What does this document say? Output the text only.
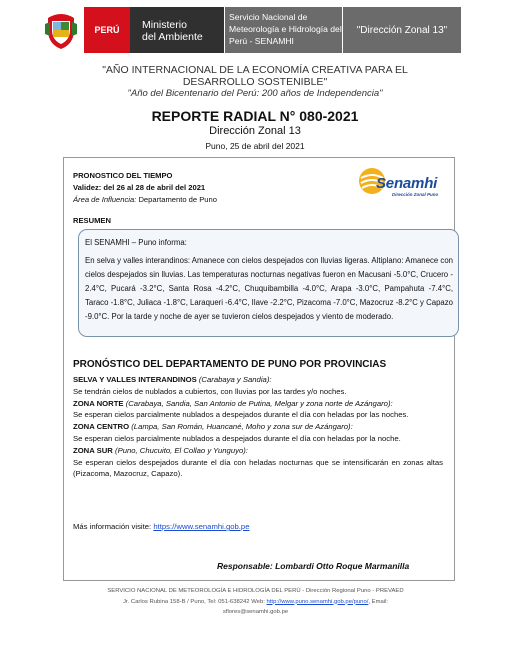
PERÚ	Ministerio
del Ambiente
Servicio Nacional de
Meteorología e Hidrología del
Perú - SENAMHI
"Dirección Zonal 13"
"AÑO INTERNACIONAL DE LA ECONOMÍA CREATIVA PARA EL
DESARROLLO SOSTENIBLE"
"Año del Bicentenario del Perú: 200 años de Independencia"
REPORTE RADIAL N° 080-2021
Dirección Zonal 13
Puno, 25 de abril del 2021
PRONOSTICO DEL TIEMPO
Validez: del 26 al 28 de abril del 2021
Área de Influencia: Departamento de Puno
RESUMEN
Senamhi
Dirección Zonal Puno
El SENAMHI – Puno informa:
En selva y valles interandinos: Amanece con cielos despejados con lluvias ligeras. Altiplano: Amanece con cielos despejados sin lluvias. Las temperaturas nocturnas negativas fueron en Macusani -5.0°C, Crucero - 2.4°C, Pucará -3.2°C, Santa Rosa -4.2°C, Chuquibambilla -4.0°C, Arapa -3.0°C, Pampahuta -7.4°C, Taraco -1.8°C, Juliaca -1.8°C, Laraqueri -6.4°C, Ilave -2.2°C, Pizacoma -7.0°C, Mazocruz -8.2°C y Capazo -9.0°C. Por la tarde y noche de ayer se tuvieron cielos despejados y viento de moderado.
PRONÓSTICO DEL DEPARTAMENTO DE PUNO POR PROVINCIAS
SELVA Y VALLES INTERANDINOS (Carabaya y Sandia):
Se tendrán cielos de nublados a cubiertos, con lluvias por las tardes y/o noches.
ZONA NORTE (Carabaya, Sandia, San Antonio de Putina, Melgar y zona norte de Azángaro):
Se esperan cielos parcialmente nublados a despejados durante el día con heladas por las noches.
ZONA CENTRO (Lampa, San Román, Huancané, Moho y zona sur de Azángaro):
Se esperan cielos parcialmente nublados a despejados durante el día con heladas por la noche.
ZONA SUR (Puno, Chucuito, El Collao y Yunguyo):
Se esperan cielos despejados durante el día con heladas nocturnas que se intensificarán en zonas altas (Pizacoma, Mazocruz, Capazo).
Más información visite: https://www.senamhi.gob.pe
Responsable: Lombardi Otto Roque Marmanilla
SERVICIO NACIONAL DE METEOROLOGÍA E HIDROLOGÍA DEL PERÚ - Dirección Regional Puno - PREVAED
Jr. Carlos Rubina 158-B / Puno, Tel: 051-638242 Web: http://www.puno.senamhi.gob.pe/puno/, Email:
sflores@senamhi.gob.pe
